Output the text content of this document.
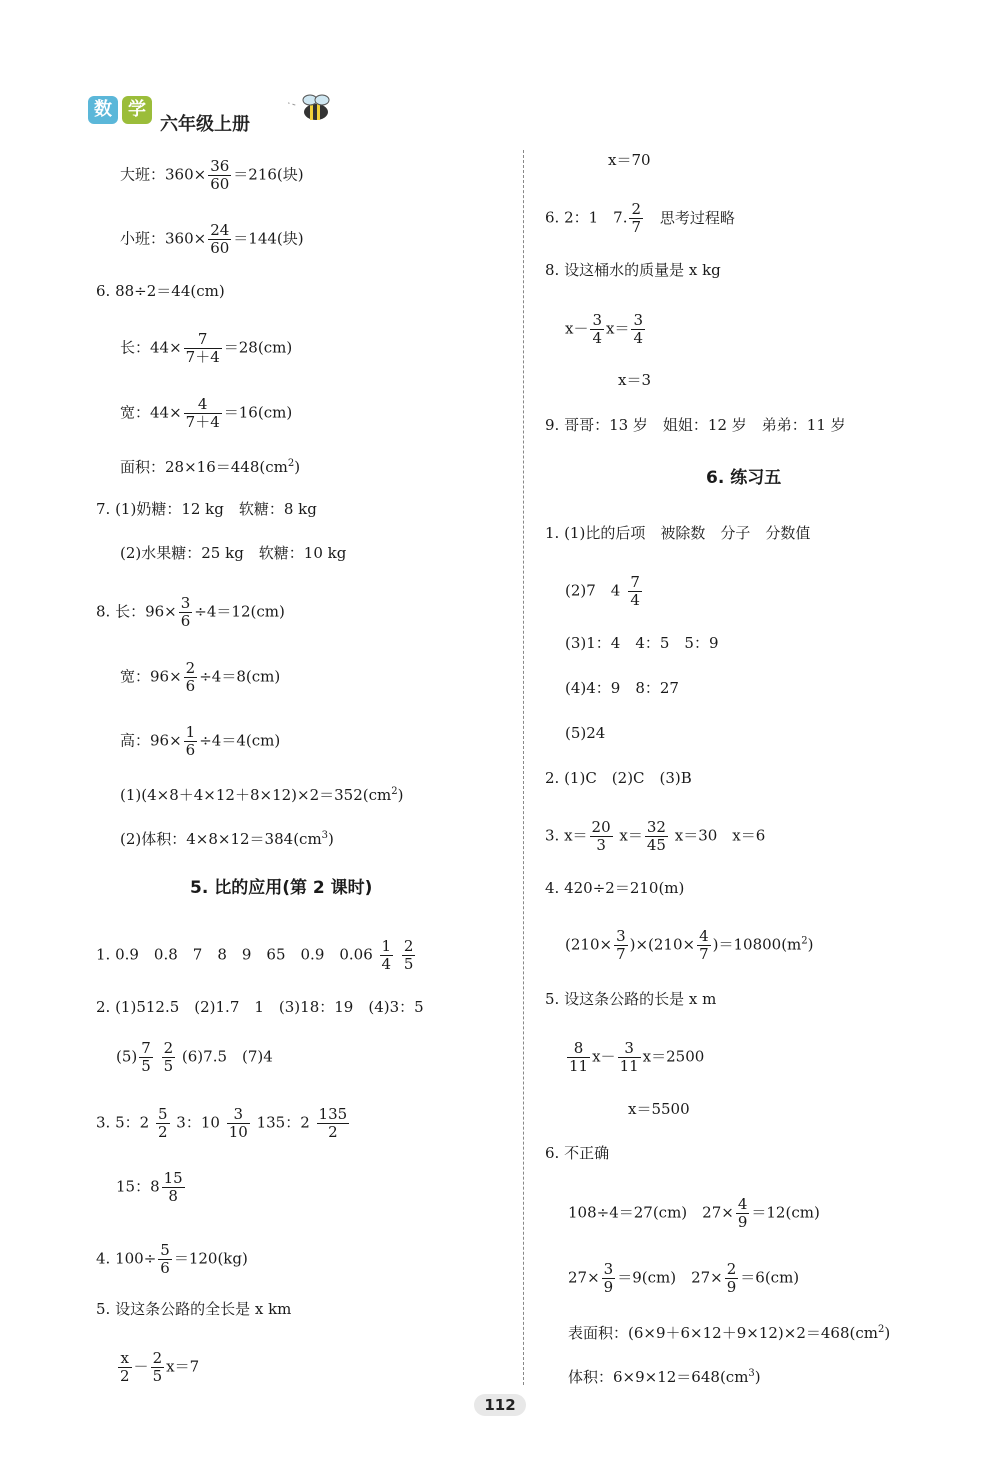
数 学
六年级上册
大班：$360\times \frac{36}{60} =216$(块)
小班：$360\times \frac{24}{60} =144$(块)
6. 88÷2＝44(cm)
长：$44\times \frac{7}{7+4} =28(cm)$
宽：$44\times \frac{4}{7+4} =16(cm)$
面积：$28\times 16=448(cm^2)$
7. (1)奶糖：12 kg　软糖：8 kg
(2)水果糖：25 kg　软糖：10 kg
8. 长：$96\times \frac{3}{6} \div 4=12(cm)$
宽：$96\times \frac{2}{6} \div 4=8(cm)$
高：$96\times \frac{1}{6} \div 4=4(cm)$
$(1)(4\times 8+4\times 12+8\times 12)\times 2=352(cm^2)$
(2)体积：$4\times 8\times 12=384(cm^3)$
5. 比的应用(第 2 课时)
1. 0.9　0.8　7　8　9　65　0.9　$0.06 \frac{1}{4}$
$\frac{2}{5}$
2. (1)512.5　(2)1.7　1　(3)18：19　(4)3：5
$(5) \frac{7}{5}$
$\frac{2}{5} (6)7.5$　(7)4
3. 5：$2 \frac{5}{2} 3$：$10 \frac{3}{10} 135$：$2 \frac{135}{2}$
15：$8 \frac{15}{8}$
4. $100\div \frac{5}{6} =120(kg)$
5. 设这条公路的全长是 x km
$\frac{x}{2} - \frac{2}{5} x=7$
x＝70
6. 2：1　7. $\frac{2}{7}$ 思考过程略
8. 设这桶水的质量是 x kg
$x- \frac{3}{4} x= \frac{3}{4}$
x＝3
9. 哥哥：13 岁　姐姐：12 岁　弟弟：11 岁
6. 练习五
1. (1)比的后项　被除数　分子　分数值
(2)7　$4 \frac{7}{4}$
(3)1：4　4：5　5：9
(4)4：9　8：27
(5)24
2. (1)C　(2)C　(3)B
3. $x= \frac{20}{3} x= \frac{32}{45} x=30$　x＝6
4. 420÷2＝210(m)
$(210\times \frac{3}{7} )\times(210\times \frac{4}{7} )=10800(m^2)$
5. 设这条公路的长是 x m
$\frac{8}{11} x- \frac{3}{11} x=2500$
x＝5500
6. 不正确
108÷4＝27(cm)　$27\times \frac{4}{9} =12(cm)$
$27\times \frac{3}{9} =9(cm)$　$27\times \frac{2}{9} =6(cm)$
表面积：$(6\times 9+6\times 12+9\times 12)\times 2=468(cm^2)$
体积：$6\times 9\times 12=648(cm^3)$
112
